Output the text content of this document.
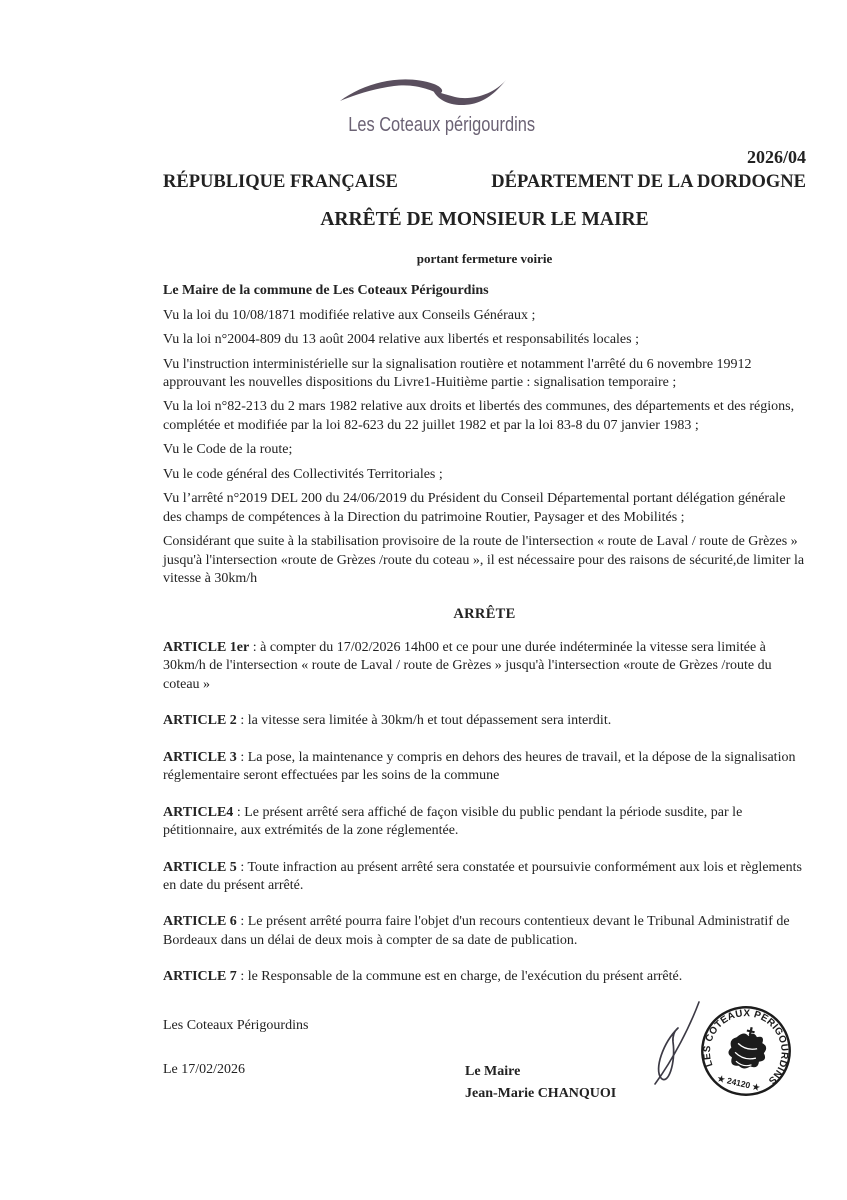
Les Coteaux périgourdins
2026/04
RÉPUBLIQUE FRANÇAISE	DÉPARTEMENT DE LA DORDOGNE
ARRÊTÉ DE MONSIEUR LE MAIRE
portant fermeture voirie

Le Maire de la commune de Les Coteaux Périgourdins

Vu la loi du 10/08/1871 modifiée relative aux Conseils Généraux ;

Vu la loi n°2004-809 du 13 août 2004 relative aux libertés et responsabilités locales ;

Vu l'instruction interministérielle sur la signalisation routière et notamment l'arrêté du 6 novembre 19912 approuvant les nouvelles dispositions du Livre1-Huitième partie : signalisation temporaire ;

Vu la loi n°82-213 du 2 mars 1982 relative aux droits et libertés des communes, des départements et des régions, complétée et modifiée par la loi 82-623 du 22 juillet 1982 et par la loi 83-8 du 07 janvier 1983 ;

Vu le Code de la route;

Vu le code général des Collectivités Territoriales ;

Vu l’arrêté n°2019 DEL 200 du 24/06/2019 du Président du Conseil Départemental portant délégation générale des champs de compétences à la Direction du patrimoine Routier, Paysager et des Mobilités ;

Considérant que suite à la stabilisation provisoire de la route de l'intersection « route de Laval / route de Grèzes » jusqu'à l'intersection «route de Grèzes /route du coteau », il est nécessaire pour des raisons de sécurité,de limiter la vitesse à 30km/h

ARRÊTE

ARTICLE 1er : à compter du 17/02/2026 14h00 et ce pour une durée indéterminée la vitesse sera limitée à 30km/h de l'intersection « route de Laval / route de Grèzes » jusqu'à l'intersection «route de Grèzes /route du coteau »

ARTICLE 2 : la vitesse sera limitée à 30km/h et tout dépassement sera interdit.

ARTICLE 3 : La pose, la maintenance y compris en dehors des heures de travail, et la dépose de la signalisation réglementaire seront effectuées par les soins de la commune

ARTICLE4 : Le présent arrêté sera affiché de façon visible du public pendant la période susdite, par le pétitionnaire, aux extrémités de la zone réglementée.

ARTICLE 5 : Toute infraction au présent arrêté sera constatée et poursuivie conformément aux lois et règlements en date du présent arrêté.

ARTICLE 6 : Le présent arrêté pourra faire l'objet d'un recours contentieux devant le Tribunal Administratif de Bordeaux dans un délai de deux mois à compter de sa date de publication.

ARTICLE 7 : le Responsable de la commune est en charge, de l'exécution du présent arrêté.

Les Coteaux Périgourdins
Le 17/02/2026	Le Maire
Jean-Marie CHANQUOI
LES COTEAUX PERIGOURDINS
★ 24120 ★
